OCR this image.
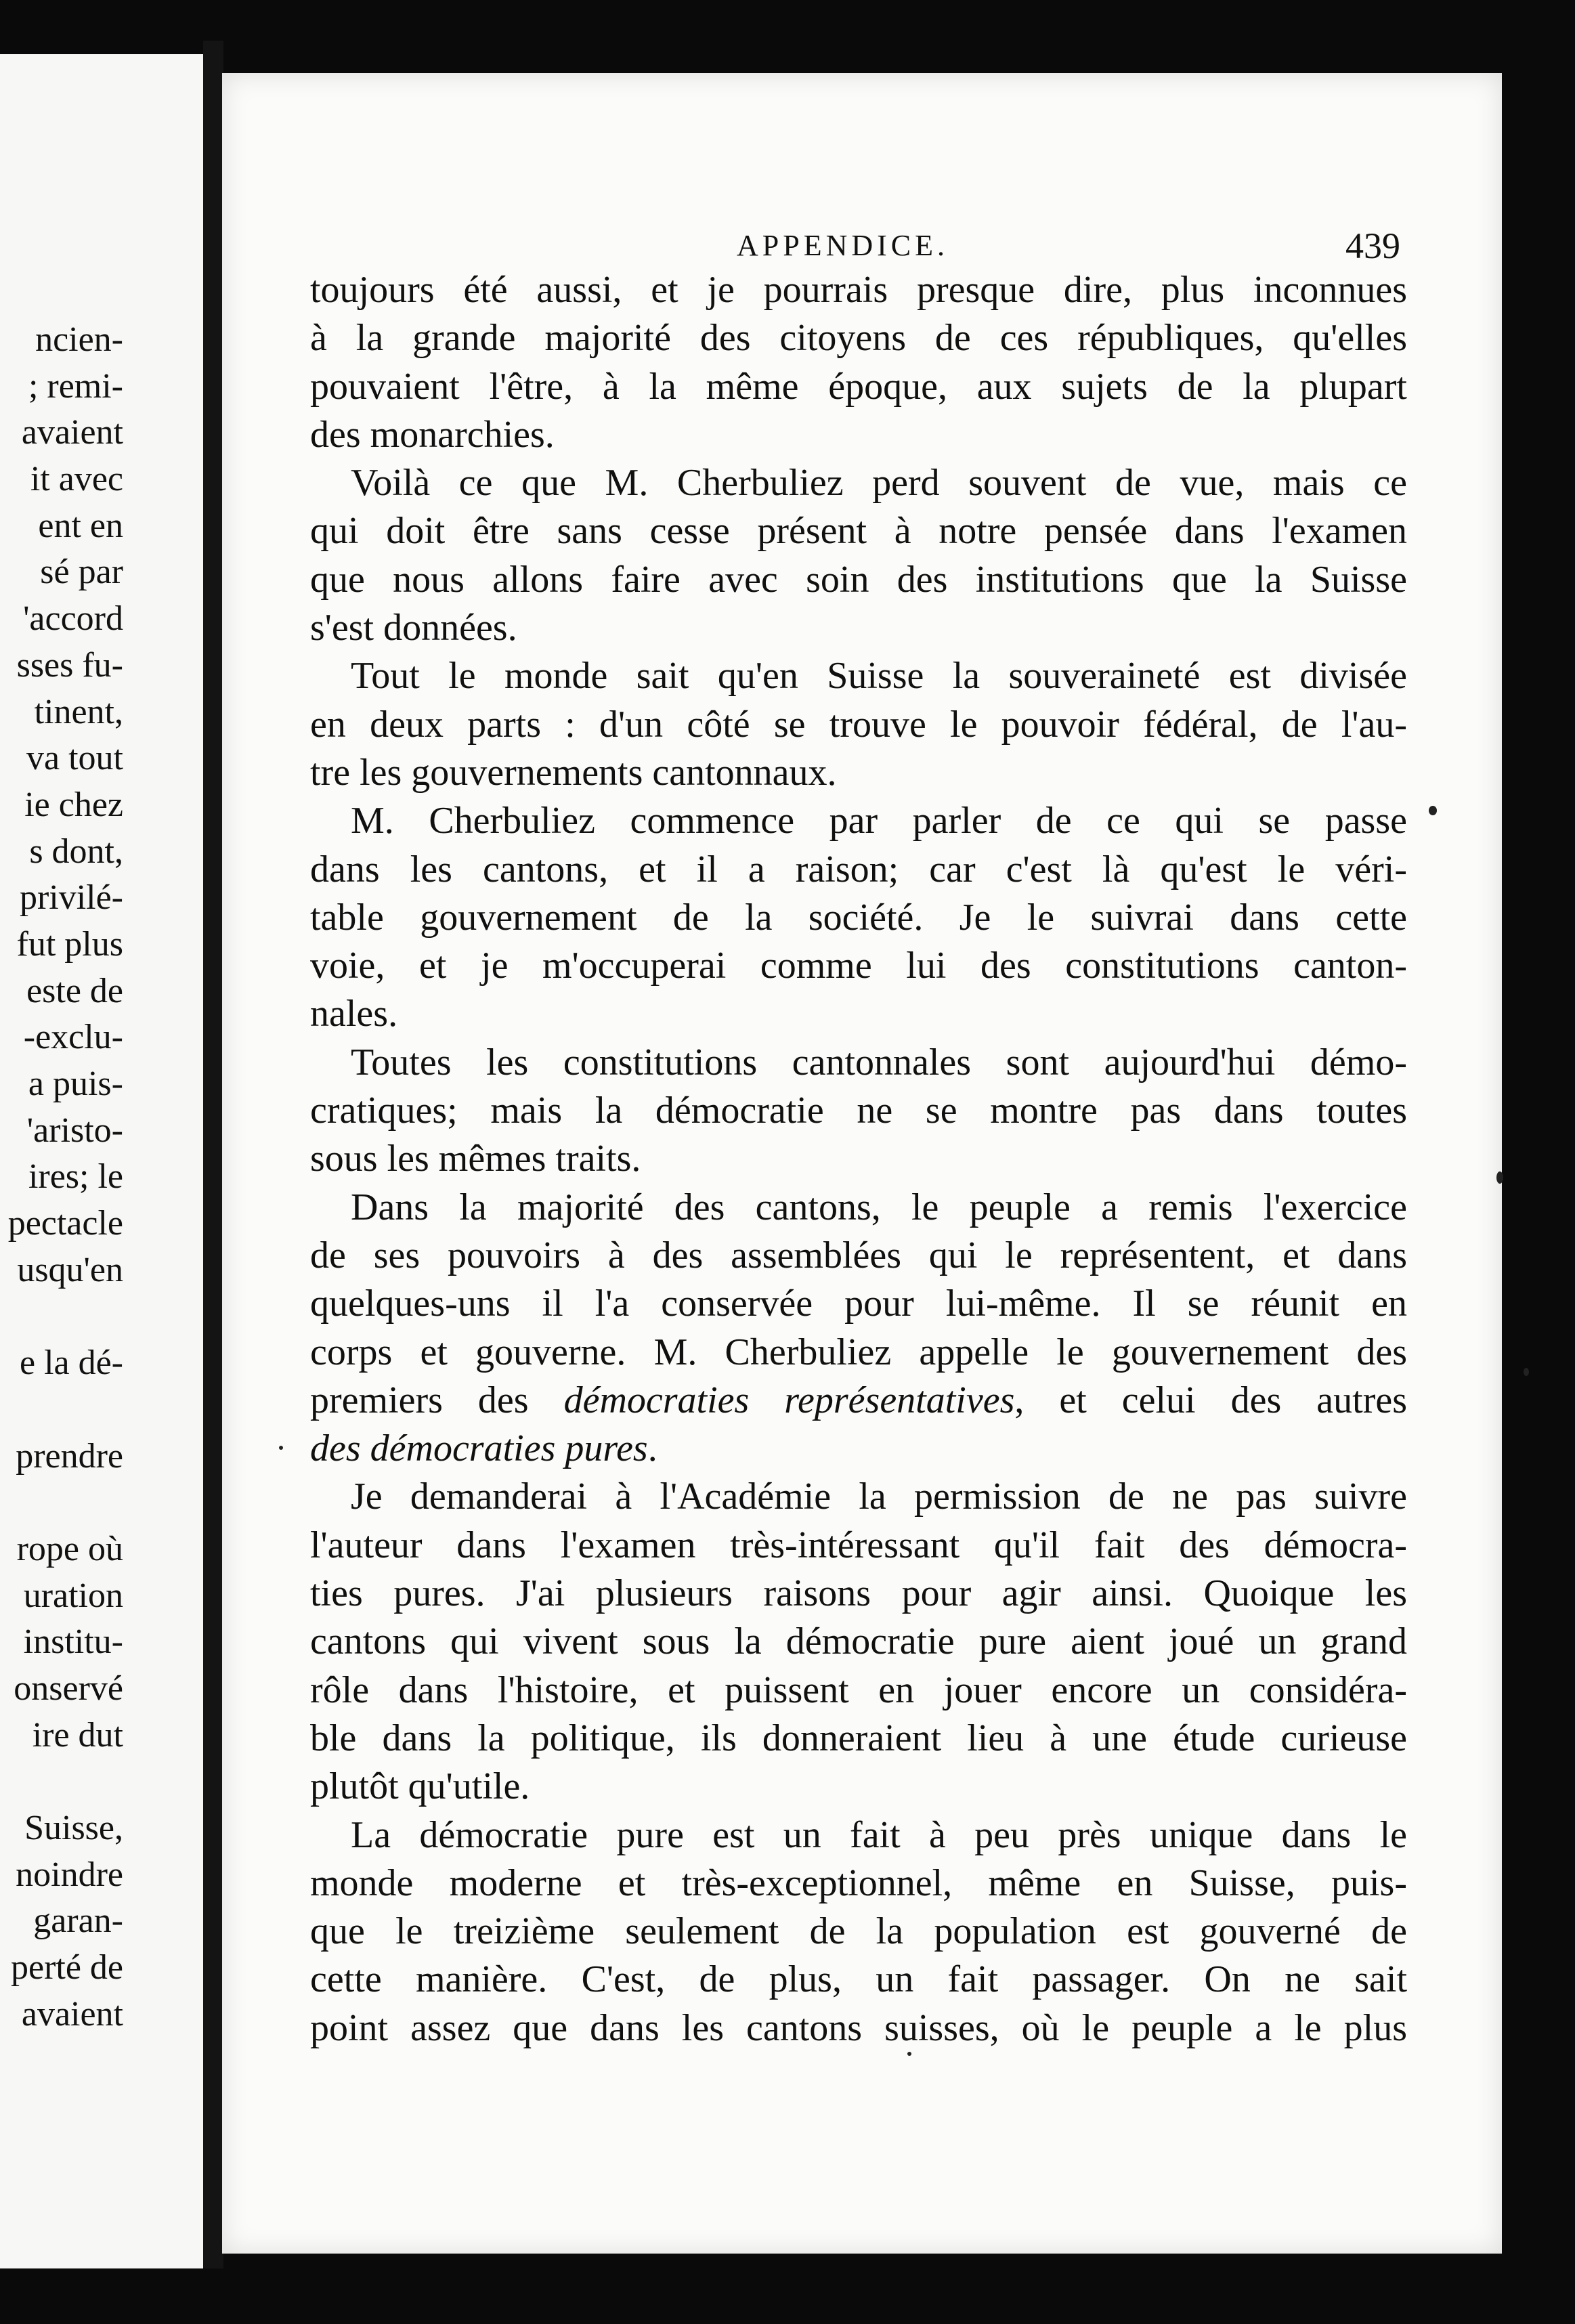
ncien-
; remi-
avaient
it avec
ent en
sé par
'accord
sses fu-
tinent,
va tout
ie chez
s dont,
privilé-
fut plus
este de
-exclu-
a puis-
'aristo-
ires; le
pectacle
usqu'en
e la dé-
prendre
rope où
uration
institu-
onservé
ire dut
Suisse,
noindre
garan-
perté de
avaient
APPENDICE.	439
toujours été aussi, et je pourrais presque dire, plus inconnues
à la grande majorité des citoyens de ces républiques, qu'elles
pouvaient l'être, à la même époque, aux sujets de la plupart
des monarchies.
Voilà ce que M. Cherbuliez perd souvent de vue, mais ce
qui doit être sans cesse présent à notre pensée dans l'examen
que nous allons faire avec soin des institutions que la Suisse
s'est données.
Tout le monde sait qu'en Suisse la souveraineté est divisée
en deux parts : d'un côté se trouve le pouvoir fédéral, de l'au-
tre les gouvernements cantonnaux.
M. Cherbuliez commence par parler de ce qui se passe
dans les cantons, et il a raison; car c'est là qu'est le véri-
table gouvernement de la société. Je le suivrai dans cette
voie, et je m'occuperai comme lui des constitutions canton-
nales.
Toutes les constitutions cantonnales sont aujourd'hui démo-
cratiques; mais la démocratie ne se montre pas dans toutes
sous les mêmes traits.
Dans la majorité des cantons, le peuple a remis l'exercice
de ses pouvoirs à des assemblées qui le représentent, et dans
quelques-uns il l'a conservée pour lui-même. Il se réunit en
corps et gouverne. M. Cherbuliez appelle le gouvernement des
premiers des démocraties représentatives, et celui des autres
des démocraties pures.
Je demanderai à l'Académie la permission de ne pas suivre
l'auteur dans l'examen très-intéressant qu'il fait des démocra-
ties pures. J'ai plusieurs raisons pour agir ainsi. Quoique les
cantons qui vivent sous la démocratie pure aient joué un grand
rôle dans l'histoire, et puissent en jouer encore un considéra-
ble dans la politique, ils donneraient lieu à une étude curieuse
plutôt qu'utile.
La démocratie pure est un fait à peu près unique dans le
monde moderne et très-exceptionnel, même en Suisse, puis-
que le treizième seulement de la population est gouverné de
cette manière. C'est, de plus, un fait passager. On ne sait
point assez que dans les cantons suisses, où le peuple a le plus
